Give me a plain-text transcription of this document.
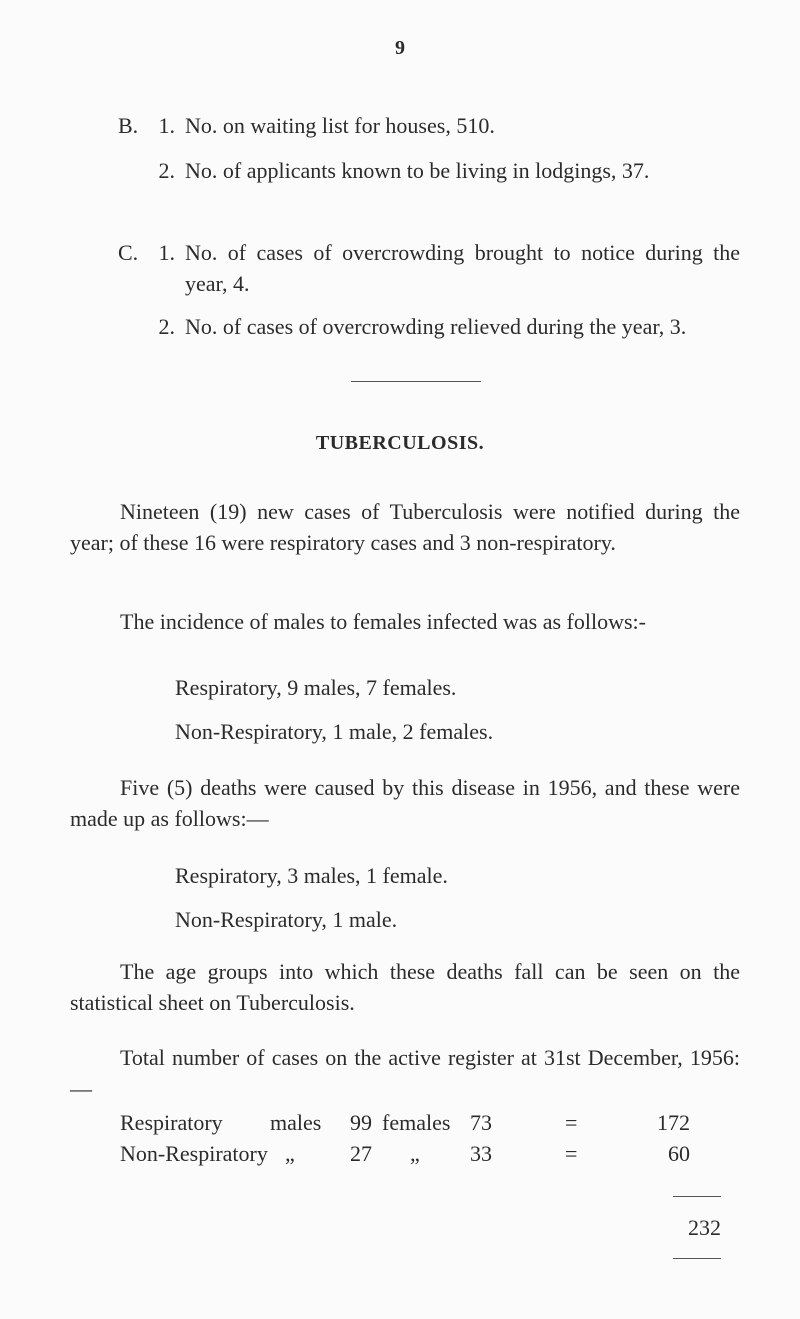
9
B. 1. No. on waiting list for houses, 510.
2. No. of applicants known to be living in lodgings, 37.
C. 1. No. of cases of overcrowding brought to notice during the year, 4.
2. No. of cases of overcrowding relieved during the year, 3.
TUBERCULOSIS.
Nineteen (19) new cases of Tuberculosis were notified during the year; of these 16 were respiratory cases and 3 non-respiratory.
The incidence of males to females infected was as follows:-
Respiratory, 9 males, 7 females.
Non-Respiratory, 1 male, 2 females.
Five (5) deaths were caused by this disease in 1956, and these were made up as follows:—
Respiratory, 3 males, 1 female.
Non-Respiratory, 1 male.
The age groups into which these deaths fall can be seen on the statistical sheet on Tuberculosis.
Total number of cases on the active register at 31st December, 1956:—
Respiratory males 99 females 73	=	172
Non-Respiratory „	27 „ 33	=	60
232
